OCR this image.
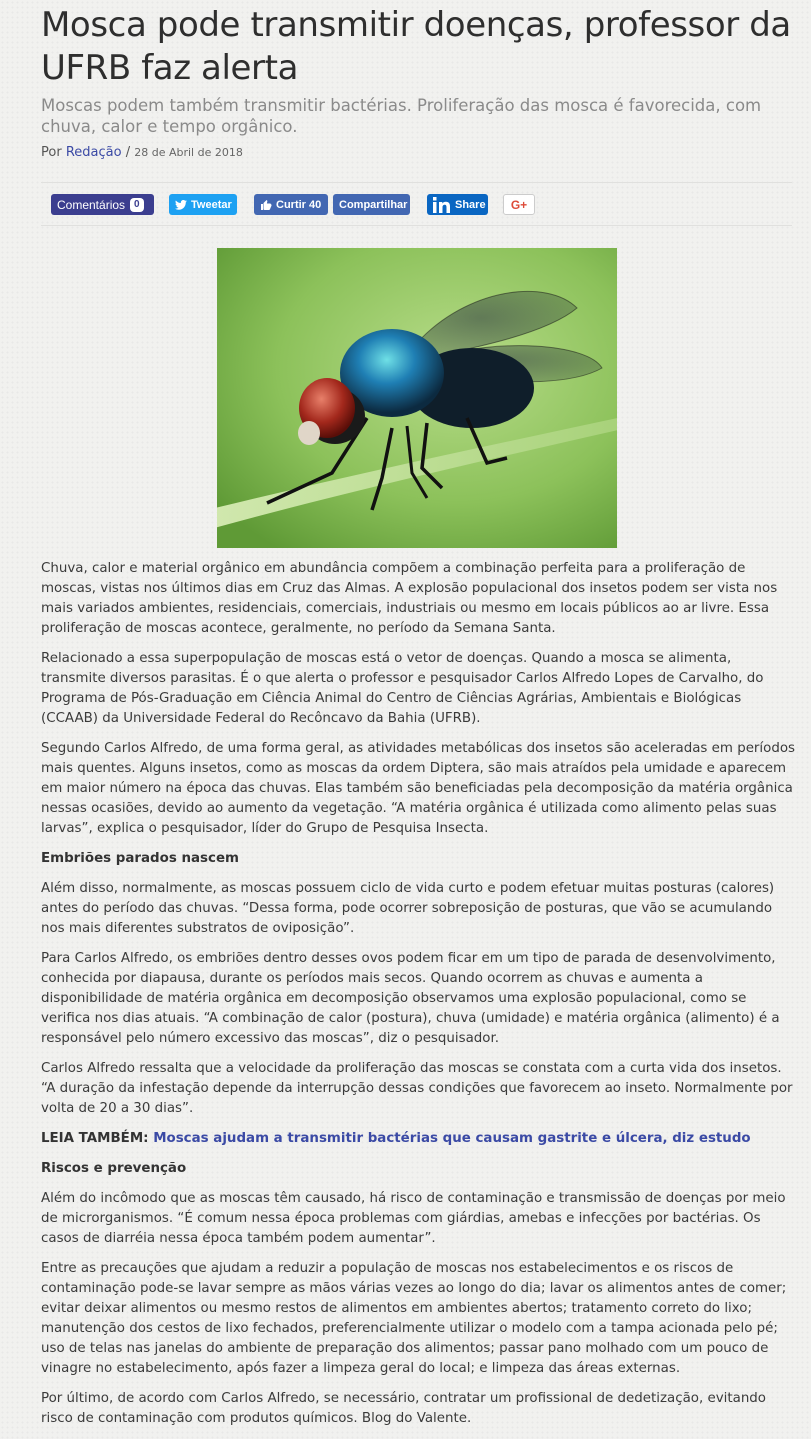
Mosca pode transmitir doenças, professor da UFRB faz alerta

Moscas podem também transmitir bactérias. Proliferação das mosca é favorecida, com chuva, calor e tempo orgânico.

Por Redação / 28 de Abril de 2018
Comentários 0	Tweetar	Curtir 40 Compartilhar	Share G+

Chuva, calor e material orgânico em abundância compõem a combinação perfeita para a proliferação de moscas, vistas nos últimos dias em Cruz das Almas. A explosão populacional dos insetos podem ser vista nos mais variados ambientes, residenciais, comerciais, industriais ou mesmo em locais públicos ao ar livre. Essa proliferação de moscas acontece, geralmente, no período da Semana Santa.

Relacionado a essa superpopulação de moscas está o vetor de doenças. Quando a mosca se alimenta, transmite diversos parasitas. É o que alerta o professor e pesquisador Carlos Alfredo Lopes de Carvalho, do Programa de Pós-Graduação em Ciência Animal do Centro de Ciências Agrárias, Ambientais e Biológicas (CCAAB) da Universidade Federal do Recôncavo da Bahia (UFRB).

Segundo Carlos Alfredo, de uma forma geral, as atividades metabólicas dos insetos são aceleradas em períodos mais quentes. Alguns insetos, como as moscas da ordem Diptera, são mais atraídos pela umidade e aparecem em maior número na época das chuvas. Elas também são beneficiadas pela decomposição da matéria orgânica nessas ocasiões, devido ao aumento da vegetação. “A matéria orgânica é utilizada como alimento pelas suas larvas”, explica o pesquisador, líder do Grupo de Pesquisa Insecta.

Embriões parados nascem

Além disso, normalmente, as moscas possuem ciclo de vida curto e podem efetuar muitas posturas (calores) antes do período das chuvas. “Dessa forma, pode ocorrer sobreposição de posturas, que vão se acumulando nos mais diferentes substratos de oviposição”.

Para Carlos Alfredo, os embriões dentro desses ovos podem ficar em um tipo de parada de desenvolvimento, conhecida por diapausa, durante os períodos mais secos. Quando ocorrem as chuvas e aumenta a disponibilidade de matéria orgânica em decomposição observamos uma explosão populacional, como se verifica nos dias atuais. “A combinação de calor (postura), chuva (umidade) e matéria orgânica (alimento) é a responsável pelo número excessivo das moscas”, diz o pesquisador.

Carlos Alfredo ressalta que a velocidade da proliferação das moscas se constata com a curta vida dos insetos. “A duração da infestação depende da interrupção dessas condições que favorecem ao inseto. Normalmente por volta de 20 a 30 dias”.

LEIA TAMBÉM: Moscas ajudam a transmitir bactérias que causam gastrite e úlcera, diz estudo

Riscos e prevenção

Além do incômodo que as moscas têm causado, há risco de contaminação e transmissão de doenças por meio de microrganismos. “É comum nessa época problemas com giárdias, amebas e infecções por bactérias. Os casos de diarréia nessa época também podem aumentar”.

Entre as precauções que ajudam a reduzir a população de moscas nos estabelecimentos e os riscos de contaminação pode-se lavar sempre as mãos várias vezes ao longo do dia; lavar os alimentos antes de comer; evitar deixar alimentos ou mesmo restos de alimentos em ambientes abertos; tratamento correto do lixo; manutenção dos cestos de lixo fechados, preferencialmente utilizar o modelo com a tampa acionada pelo pé; uso de telas nas janelas do ambiente de preparação dos alimentos; passar pano molhado com um pouco de vinagre no estabelecimento, após fazer a limpeza geral do local; e limpeza das áreas externas.

Por último, de acordo com Carlos Alfredo, se necessário, contratar um profissional de dedetização, evitando risco de contaminação com produtos químicos. Blog do Valente.
